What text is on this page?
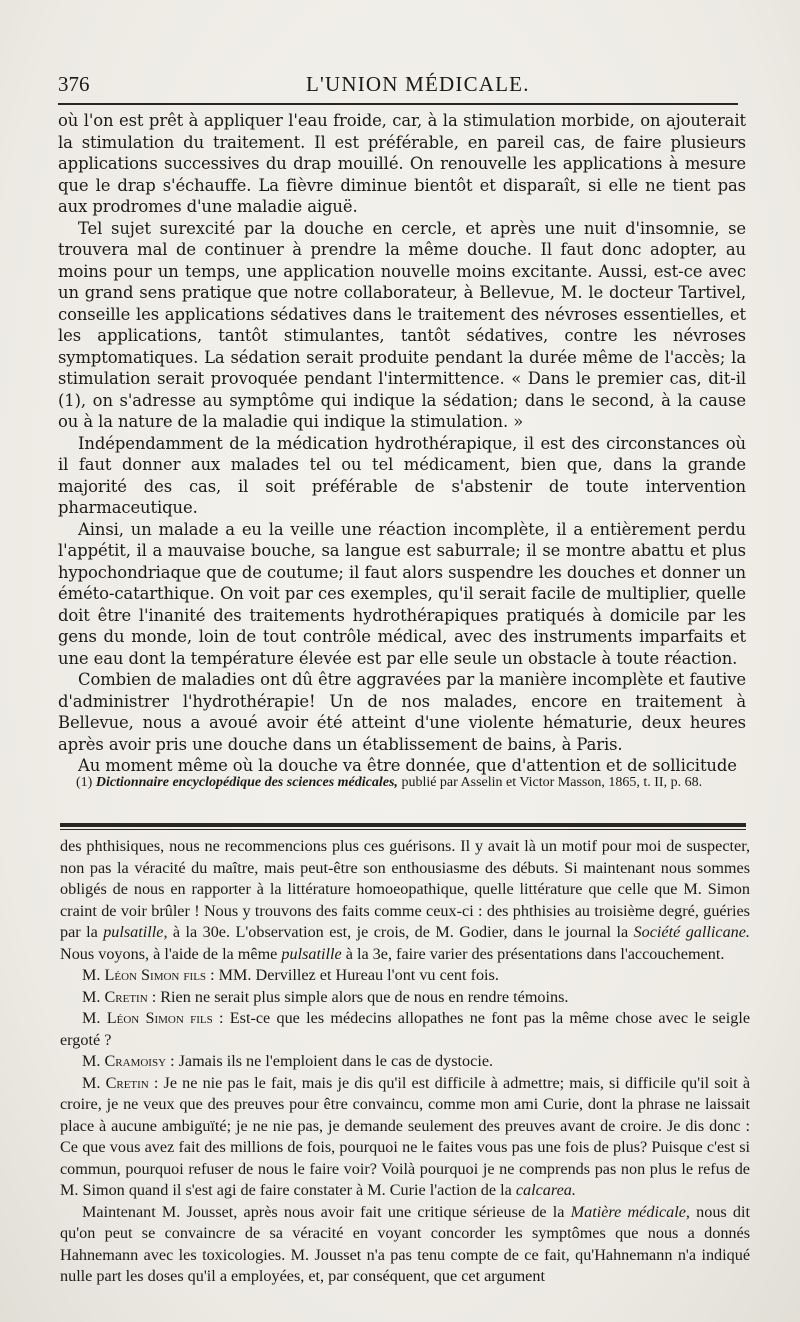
376	L'UNION MÉDICALE.

où l'on est prêt à appliquer l'eau froide, car, à la stimulation morbide, on ajouterait la stimulation du traitement. Il est préférable, en pareil cas, de faire plusieurs applications successives du drap mouillé. On renouvelle les applications à mesure que le drap s'échauffe. La fièvre diminue bientôt et disparaît, si elle ne tient pas aux prodromes d'une maladie aiguë.

Tel sujet surexcité par la douche en cercle, et après une nuit d'insomnie, se trouvera mal de continuer à prendre la même douche. Il faut donc adopter, au moins pour un temps, une application nouvelle moins excitante. Aussi, est-ce avec un grand sens pratique que notre collaborateur, à Bellevue, M. le docteur Tartivel, conseille les applications sédatives dans le traitement des névroses essentielles, et les applications, tantôt stimulantes, tantôt sédatives, contre les névroses symptomatiques. La sédation serait produite pendant la durée même de l'accès; la stimulation serait provoquée pendant l'intermittence. « Dans le premier cas, dit-il (1), on s'adresse au symptôme qui indique la sédation; dans le second, à la cause ou à la nature de la maladie qui indique la stimulation. »

Indépendamment de la médication hydrothérapique, il est des circonstances où il faut donner aux malades tel ou tel médicament, bien que, dans la grande majorité des cas, il soit préférable de s'abstenir de toute intervention pharmaceutique.

Ainsi, un malade a eu la veille une réaction incomplète, il a entièrement perdu l'appétit, il a mauvaise bouche, sa langue est saburrale; il se montre abattu et plus hypochondriaque que de coutume; il faut alors suspendre les douches et donner un éméto-catarthique. On voit par ces exemples, qu'il serait facile de multiplier, quelle doit être l'inanité des traitements hydrothérapiques pratiqués à domicile par les gens du monde, loin de tout contrôle médical, avec des instruments imparfaits et une eau dont la température élevée est par elle seule un obstacle à toute réaction.

Combien de maladies ont dû être aggravées par la manière incomplète et fautive d'administrer l'hydrothérapie! Un de nos malades, encore en traitement à Bellevue, nous a avoué avoir été atteint d'une violente hématurie, deux heures après avoir pris une douche dans un établissement de bains, à Paris.

Au moment même où la douche va être donnée, que d'attention et de sollicitude

(1) Dictionnaire encyclopédique des sciences médicales, publié par Asselin et Victor Masson, 1865, t. II, p. 68.

des phthisiques, nous ne recommencions plus ces guérisons. Il y avait là un motif pour moi de suspecter, non pas la véracité du maître, mais peut-être son enthousiasme des débuts. Si maintenant nous sommes obligés de nous en rapporter à la littérature homoeopathique, quelle littérature que celle que M. Simon craint de voir brûler ! Nous y trouvons des faits comme ceux-ci : des phthisies au troisième degré, guéries par la pulsatille, à la 30e. L'observation est, je crois, de M. Godier, dans le journal la Société gallicane. Nous voyons, à l'aide de la même pulsatille à la 3e, faire varier des présentations dans l'accouchement.

M. Léon Simon fils : MM. Dervillez et Hureau l'ont vu cent fois.

M. Cretin : Rien ne serait plus simple alors que de nous en rendre témoins.

M. Léon Simon fils : Est-ce que les médecins allopathes ne font pas la même chose avec le seigle ergoté ?

M. Cramoisy : Jamais ils ne l'emploient dans le cas de dystocie.

M. Cretin : Je ne nie pas le fait, mais je dis qu'il est difficile à admettre; mais, si difficile qu'il soit à croire, je ne veux que des preuves pour être convaincu, comme mon ami Curie, dont la phrase ne laissait place à aucune ambiguïté; je ne nie pas, je demande seulement des preuves avant de croire. Je dis donc : Ce que vous avez fait des millions de fois, pourquoi ne le faites vous pas une fois de plus? Puisque c'est si commun, pourquoi refuser de nous le faire voir? Voilà pourquoi je ne comprends pas non plus le refus de M. Simon quand il s'est agi de faire constater à M. Curie l'action de la calcarea.

Maintenant M. Jousset, après nous avoir fait une critique sérieuse de la Matière médicale, nous dit qu'on peut se convaincre de sa véracité en voyant concorder les symptômes que nous a donnés Hahnemann avec les toxicologies. M. Jousset n'a pas tenu compte de ce fait, qu'Hahnemann n'a indiqué nulle part les doses qu'il a employées, et, par conséquent, que cet argument
